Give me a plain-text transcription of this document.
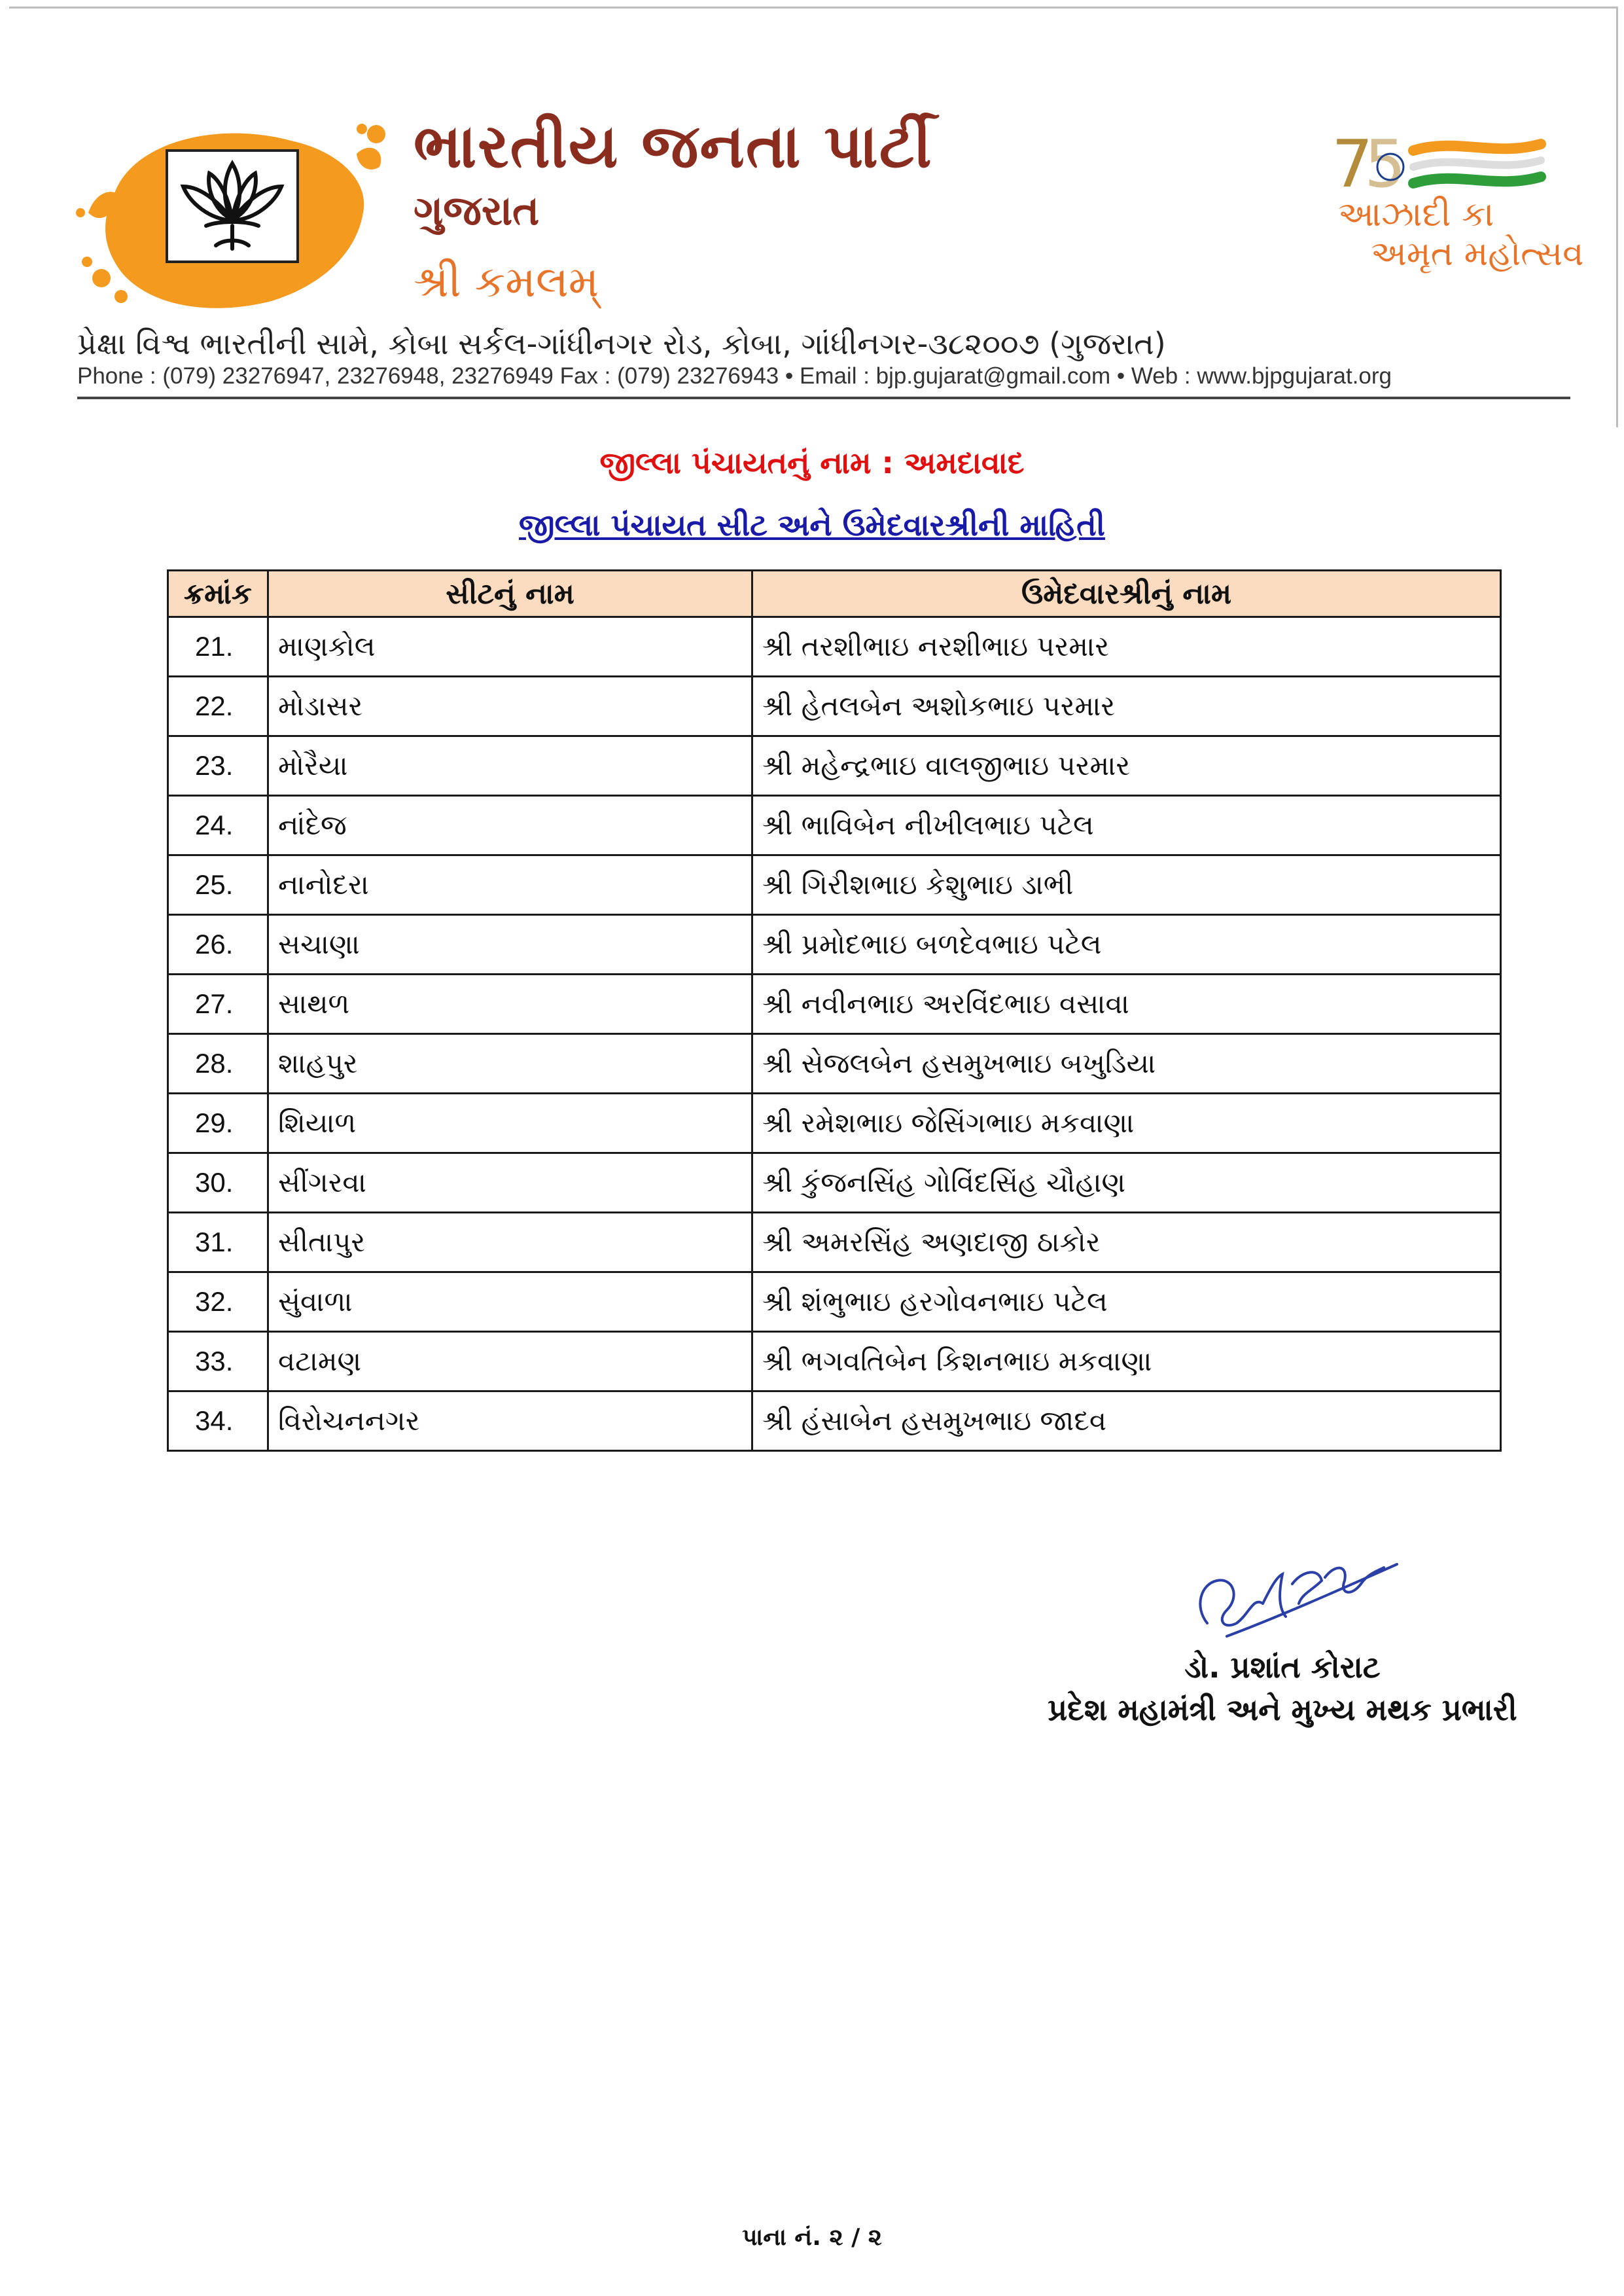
ભારતીય જનતા પાર્ટી
ગુજરાત
શ્રી કમલમ્
7
5
આઝાદી કા
અમૃત મહોત્સવ
પ્રેક્ષા વિશ્વ ભારતીની સામે, કોબા સર્કલ-ગાંધીનગર રોડ, કોબા, ગાંધીનગર-૩૮૨૦૦૭ (ગુજરાત)
Phone : (079) 23276947, 23276948, 23276949 Fax : (079) 23276943 • Email : bjp.gujarat@gmail.com • Web : www.bjpgujarat.org
જીલ્લા પંચાયતનું નામ : અમદાવાદ
જીલ્લા પંચાયત સીટ અને ઉમેદવારશ્રીની માહિતી
ક્રમાંક	સીટનું નામ	ઉમેદવારશ્રીનું નામ
21.	માણકોલ	શ્રી તરશીભાઇ નરશીભાઇ પરમાર
22.	મોડાસર	શ્રી હેતલબેન અશોકભાઇ પરમાર
23.	મોરૈયા	શ્રી મહેન્દ્રભાઇ વાલજીભાઇ પરમાર
24.	નાંદેજ	શ્રી ભાવિબેન નીખીલભાઇ પટેલ
25.	નાનોદરા	શ્રી ગિરીશભાઇ કેશુભાઇ ડાભી
26.	સચાણા	શ્રી પ્રમોદભાઇ બળદેવભાઇ પટેલ
27.	સાથળ	શ્રી નવીનભાઇ અરવિંદભાઇ વસાવા
28.	શાહપુર	શ્રી સેજલબેન હસમુખભાઇ બખુડિયા
29.	શિયાળ	શ્રી રમેશભાઇ જેસિંગભાઇ મકવાણા
30.	સીંગરવા	શ્રી કુંજનસિંહ ગોવિંદસિંહ ચૌહાણ
31.	સીતાપુર	શ્રી અમરસિંહ અણદાજી ઠાકોર
32.	સુંવાળા	શ્રી શંભુભાઇ હરગોવનભાઇ પટેલ
33.	વટામણ	શ્રી ભગવતિબેન કિશનભાઇ મકવાણા
34.	વિરોચનનગર	શ્રી હંસાબેન હસમુખભાઇ જાદવ
ડો. પ્રશાંત કોરાટ
પ્રદેશ મહામંત્રી અને મુખ્ય મથક પ્રભારી
પાના નં. ૨ / ૨
